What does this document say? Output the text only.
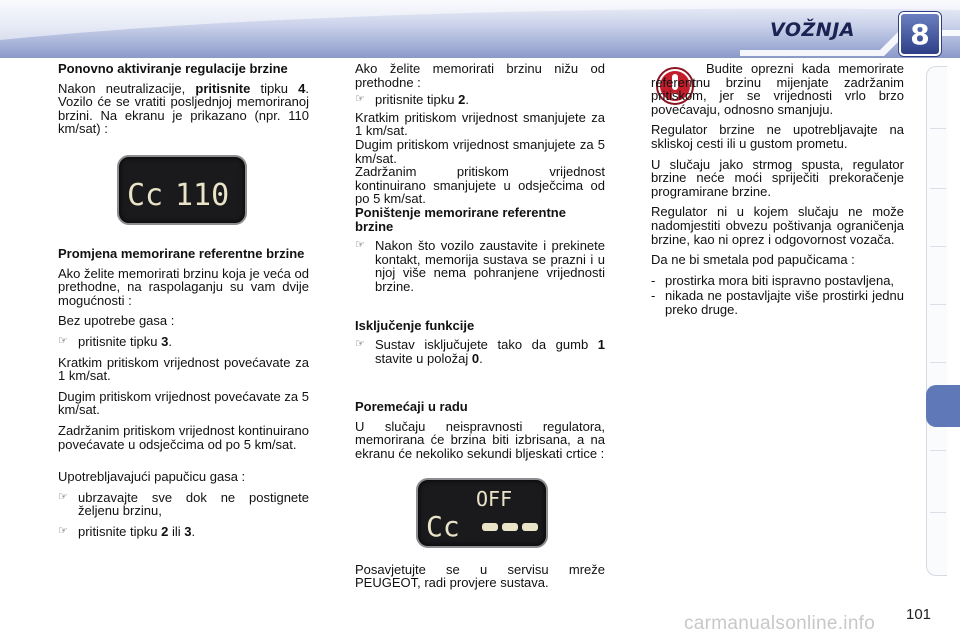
VOŽNJA	8
Ponovno aktiviranje regulacije brzine

Nakon neutralizacije, pritisnite tipku 4. Vozilo će se vratiti posljednjoj memoriranoj brzini. Na ekranu je prikazano (npr. 110 km/sat) :

Promjena memorirane referentne brzine

Ako želite memorirati brzinu koja je veća od prethodne, na raspolaganju su vam dvije mogućnosti :

Bez upotrebe gasa :

☞ pritisnite tipku 3.

Kratkim pritiskom vrijednost povećavate za 1 km/sat.

Dugim pritiskom vrijednost povećavate za 5 km/sat.

Zadržanim pritiskom vrijednost kontinuirano povećavate u odsječcima od po 5 km/sat.

Upotrebljavajući papučicu gasa :

☞ ubrzavajte sve dok ne postignete željenu brzinu,
☞ pritisnite tipku 2 ili 3.
Cc 110

Ako želite memorirati brzinu nižu od prethodne :

☞ pritisnite tipku 2.

Kratkim pritiskom vrijednost smanjujete za 1 km/sat.

Dugim pritiskom vrijednost smanjujete za 5 km/sat.

Zadržanim pritiskom vrijednost kontinuirano smanjujete u odsječcima od po 5 km/sat.

Poništenje memorirane referentne brzine
☞ Nakon što vozilo zaustavite i prekinete kontakt, memorija sustava se prazni i u njoj više nema pohranjene vrijednosti brzine.
Isključenje funkcije
☞ Sustav isključujete tako da gumb 1 stavite u položaj 0.
Poremećaji u radu

U slučaju neispravnosti regulatora, memorirana će brzina biti izbrisana, a na ekranu će nekoliko sekundi bljeskati crtice :

Posavjetujte se u servisu mreže PEUGEOT, radi provjere sustava.

OFF
Cc

Budite oprezni kada memorirate referentnu brzinu mijenjate zadržanim pritiskom, jer se vrijednosti vrlo brzo povećavaju, odnosno smanjuju.

Regulator brzine ne upotrebljavajte na skliskoj cesti ili u gustom prometu.

U slučaju jako strmog spusta, regulator brzine neće moći spriječiti prekoračenje programirane brzine.

Regulator ni u kojem slučaju ne može nadomjestiti obvezu poštivanja ograničenja brzine, kao ni oprez i odgovornost vozača.

Da ne bi smetala pod papučicama :

- prostirka mora biti ispravno postavljena,
- nikada ne postavljajte više prostirki jednu preko druge.
carmanualsonline.info 101
